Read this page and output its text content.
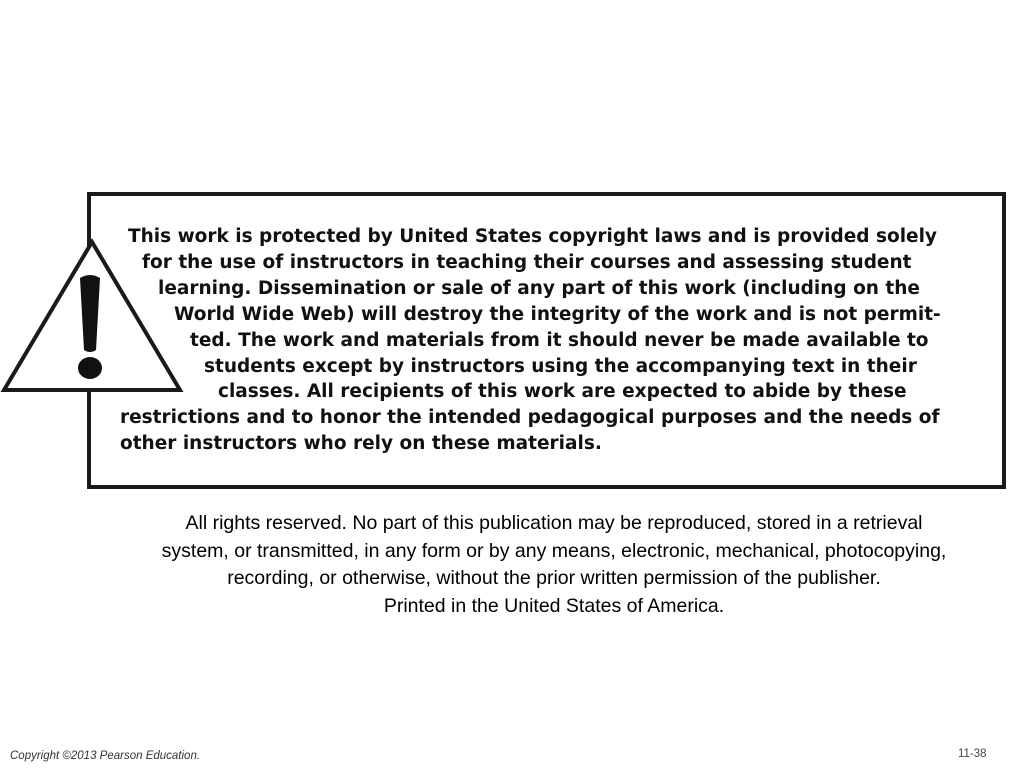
This work is protected by United States copyright laws and is provided solely
for the use of instructors in teaching their courses and assessing student
learning. Dissemination or sale of any part of this work (including on the
World Wide Web) will destroy the integrity of the work and is not permit-
ted. The work and materials from it should never be made available to
students except by instructors using the accompanying text in their
classes. All recipients of this work are expected to abide by these
restrictions and to honor the intended pedagogical purposes and the needs of
other instructors who rely on these materials.
All rights reserved. No part of this publication may be reproduced, stored in a retrieval
system, or transmitted, in any form or by any means, electronic, mechanical, photocopying,
recording, or otherwise, without the prior written permission of the publisher.
Printed in the United States of America.
Copyright ©2013 Pearson Education.	11-38
